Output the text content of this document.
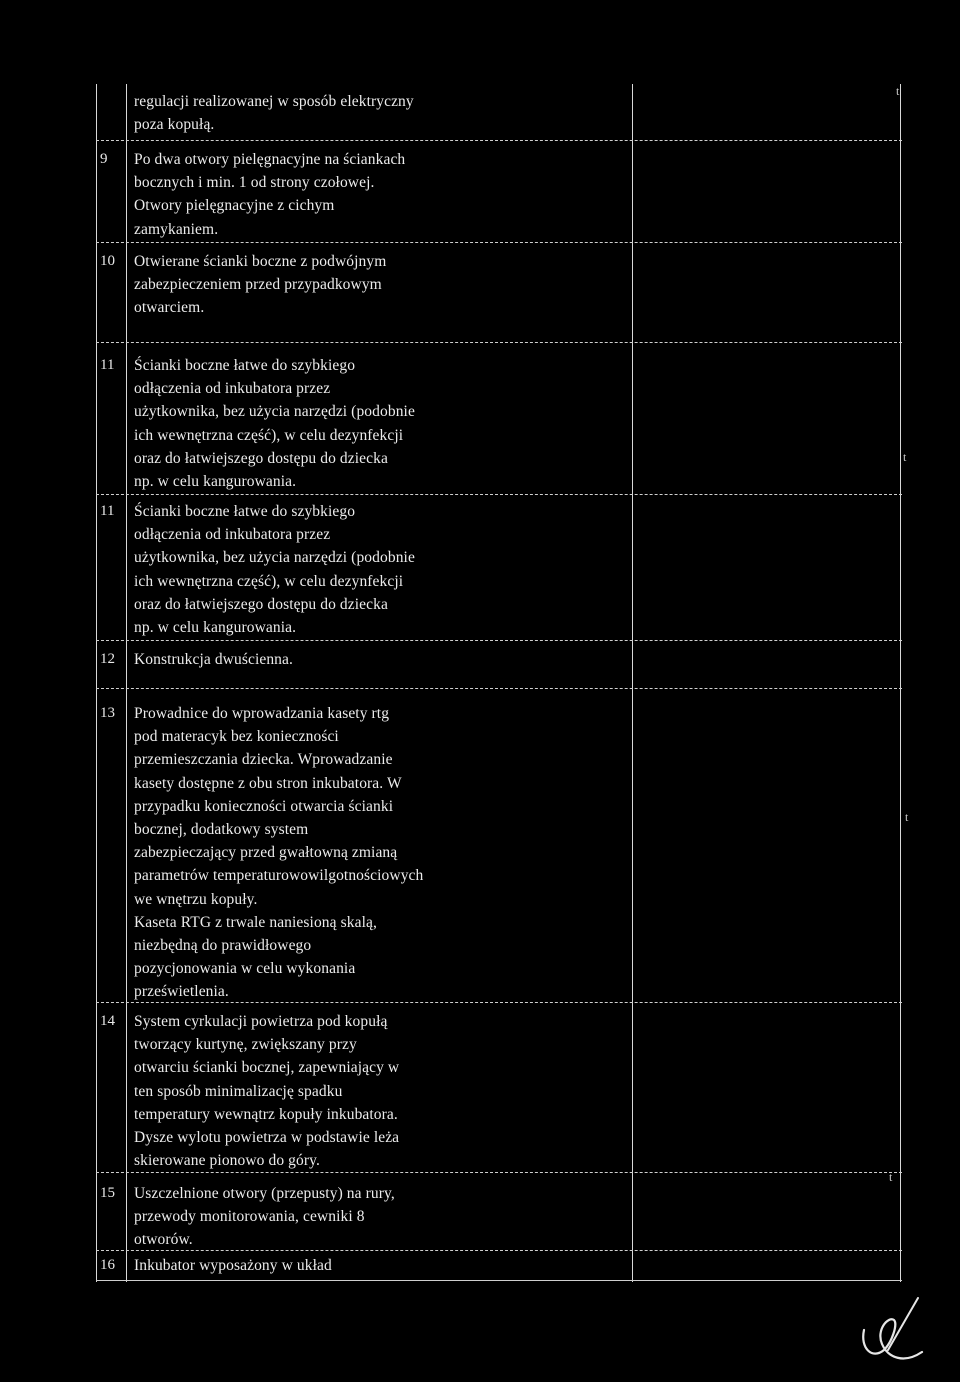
regulacji realizowanej w sposób elektryczny
poza kopułą.
9	Po dwa otwory pielęgnacyjne na ściankach
bocznych i min. 1 od strony czołowej.
Otwory pielęgnacyjne z cichym
zamykaniem.
10	Otwierane ścianki boczne z podwójnym
zabezpieczeniem przed przypadkowym
otwarciem.
11	Ścianki boczne łatwe do szybkiego
odłączenia od inkubatora przez
użytkownika, bez użycia narzędzi (podobnie
ich wewnętrzna część), w celu dezynfekcji
oraz do łatwiejszego dostępu do dziecka
np. w celu kangurowania.
11	Ścianki boczne łatwe do szybkiego
odłączenia od inkubatora przez
użytkownika, bez użycia narzędzi (podobnie
ich wewnętrzna część), w celu dezynfekcji
oraz do łatwiejszego dostępu do dziecka
np. w celu kangurowania.
12	Konstrukcja dwuścienna.
13	Prowadnice do wprowadzania kasety rtg
pod materacyk bez konieczności
przemieszczania dziecka. Wprowadzanie
kasety dostępne z obu stron inkubatora. W
przypadku konieczności otwarcia ścianki
bocznej, dodatkowy system
zabezpieczający przed gwałtowną zmianą
parametrów temperaturowowilgotnościowych
we wnętrzu kopuły.
Kaseta RTG z trwale naniesioną skalą,
niezbędną do prawidłowego
pozycjonowania w celu wykonania
prześwietlenia.
14	System cyrkulacji powietrza pod kopułą
tworzący kurtynę, zwiększany przy
otwarciu ścianki bocznej, zapewniający w
ten sposób minimalizację spadku
temperatury wewnątrz kopuły inkubatora.
Dysze wylotu powietrza w podstawie leża
skierowane pionowo do góry.
15	Uszczelnione otwory (przepusty) na rury,
przewody monitorowania, cewniki 8
otworów.
16	Inkubator wyposażony w układ
t
t
t
t
